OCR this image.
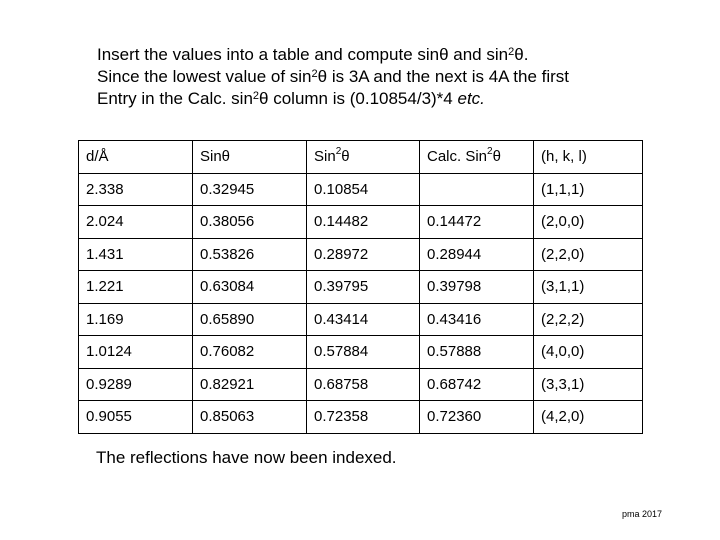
Insert the values into a table and compute sinθ and $\sin^2\theta$.
Since the lowest value of $\sin^2\theta$ is 3A and the next is 4A the first
Entry in the Calc. $\sin^2\theta$ column is (0.10854/3)*4 etc.
d/Å	Sinθ	Sin$^2$θ	Calc. Sin$^2$θ	(h, k, l)
2.338	0.32945	0.10854		(1,1,1)
2.024	0.38056	0.14482	0.14472	(2,0,0)
1.431	0.53826	0.28972	0.28944	(2,2,0)
1.221	0.63084	0.39795	0.39798	(3,1,1)
1.169	0.65890	0.43414	0.43416	(2,2,2)
1.0124	0.76082	0.57884	0.57888	(4,0,0)
0.9289	0.82921	0.68758	0.68742	(3,3,1)
0.9055	0.85063	0.72358	0.72360	(4,2,0)
The reflections have now been indexed.
pma 2017
